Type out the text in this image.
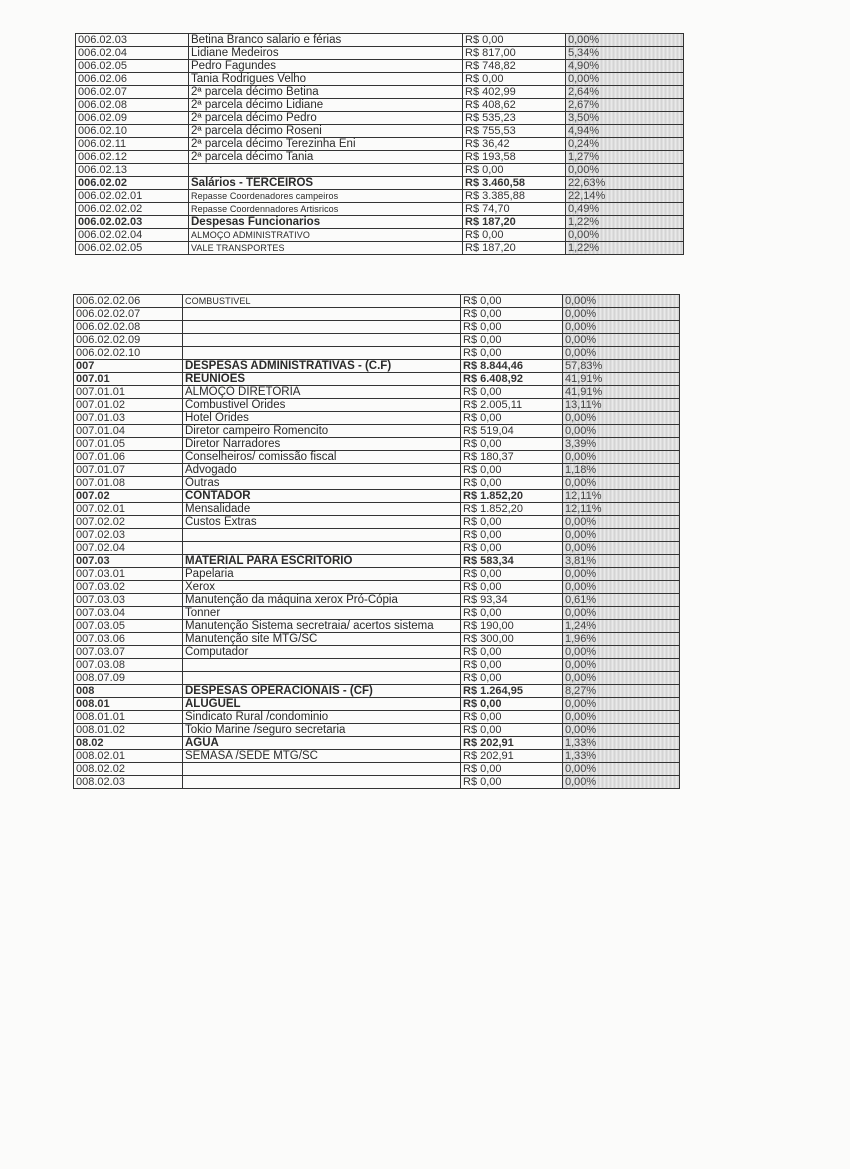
006.02.03	Betina Branco salario e férias	R$ 0,00	0,00%
006.02.04	Lidiane Medeiros	R$ 817,00	5,34%
006.02.05	Pedro Fagundes	R$ 748,82	4,90%
006.02.06	Tania Rodrigues Velho	R$ 0,00	0,00%
006.02.07	2ª parcela décimo Betina	R$ 402,99	2,64%
006.02.08	2ª parcela décimo Lidiane	R$ 408,62	2,67%
006.02.09	2ª parcela décimo Pedro	R$ 535,23	3,50%
006.02.10	2ª parcela décimo Roseni	R$ 755,53	4,94%
006.02.11	2ª parcela décimo Terezinha Eni	R$ 36,42	0,24%
006.02.12	2ª parcela décimo Tania	R$ 193,58	1,27%
006.02.13		R$ 0,00	0,00%
006.02.02	Salários - TERCEIROS	R$ 3.460,58	22,63%
006.02.02.01	Repasse Coordenadores campeiros	R$ 3.385,88	22,14%
006.02.02.02	Repasse Coordennadores Artisricos	R$ 74,70	0,49%
006.02.02.03	Despesas Funcionarios	R$ 187,20	1,22%
006.02.02.04	ALMOÇO ADMINISTRATIVO	R$ 0,00	0,00%
006.02.02.05	VALE TRANSPORTES	R$ 187,20	1,22%
006.02.02.06	COMBUSTIVEL	R$ 0,00	0,00%
006.02.02.07		R$ 0,00	0,00%
006.02.02.08		R$ 0,00	0,00%
006.02.02.09		R$ 0,00	0,00%
006.02.02.10		R$ 0,00	0,00%
007	DESPESAS ADMINISTRATIVAS - (C.F)	R$ 8.844,46	57,83%
007.01	REUNIOES	R$ 6.408,92	41,91%
007.01.01	ALMOÇO DIRETORIA	R$ 0,00	41,91%
007.01.02	Combustivel Orides	R$ 2.005,11	13,11%
007.01.03	Hotel Orides	R$ 0,00	0,00%
007.01.04	Diretor campeiro Romencito	R$ 519,04	0,00%
007.01.05	Diretor Narradores	R$ 0,00	3,39%
007.01.06	Conselheiros/ comissão fiscal	R$ 180,37	0,00%
007.01.07	Advogado	R$ 0,00	1,18%
007.01.08	Outras	R$ 0,00	0,00%
007.02	CONTADOR	R$ 1.852,20	12,11%
007.02.01	Mensalidade	R$ 1.852,20	12,11%
007.02.02	Custos Extras	R$ 0,00	0,00%
007.02.03		R$ 0,00	0,00%
007.02.04		R$ 0,00	0,00%
007.03	MATERIAL PARA ESCRITORIO	R$ 583,34	3,81%
007.03.01	Papelaria	R$ 0,00	0,00%
007.03.02	Xerox	R$ 0,00	0,00%
007.03.03	Manutenção da máquina xerox Pró-Cópia	R$ 93,34	0,61%
007.03.04	Tonner	R$ 0,00	0,00%
007.03.05	Manutenção Sistema secretraia/ acertos sistema	R$ 190,00	1,24%
007.03.06	Manutenção site MTG/SC	R$ 300,00	1,96%
007.03.07	Computador	R$ 0,00	0,00%
007.03.08		R$ 0,00	0,00%
008.07.09		R$ 0,00	0,00%
008	DESPESAS OPERACIONAIS - (CF)	R$ 1.264,95	8,27%
008.01	ALUGUEL	R$ 0,00	0,00%
008.01.01	Sindicato Rural /condominio	R$ 0,00	0,00%
008.01.02	Tokio Marine /seguro secretaria	R$ 0,00	0,00%
08.02	AGUA	R$ 202,91	1,33%
008.02.01	SEMASA /SEDE MTG/SC	R$ 202,91	1,33%
008.02.02		R$ 0,00	0,00%
008.02.03		R$ 0,00	0,00%
